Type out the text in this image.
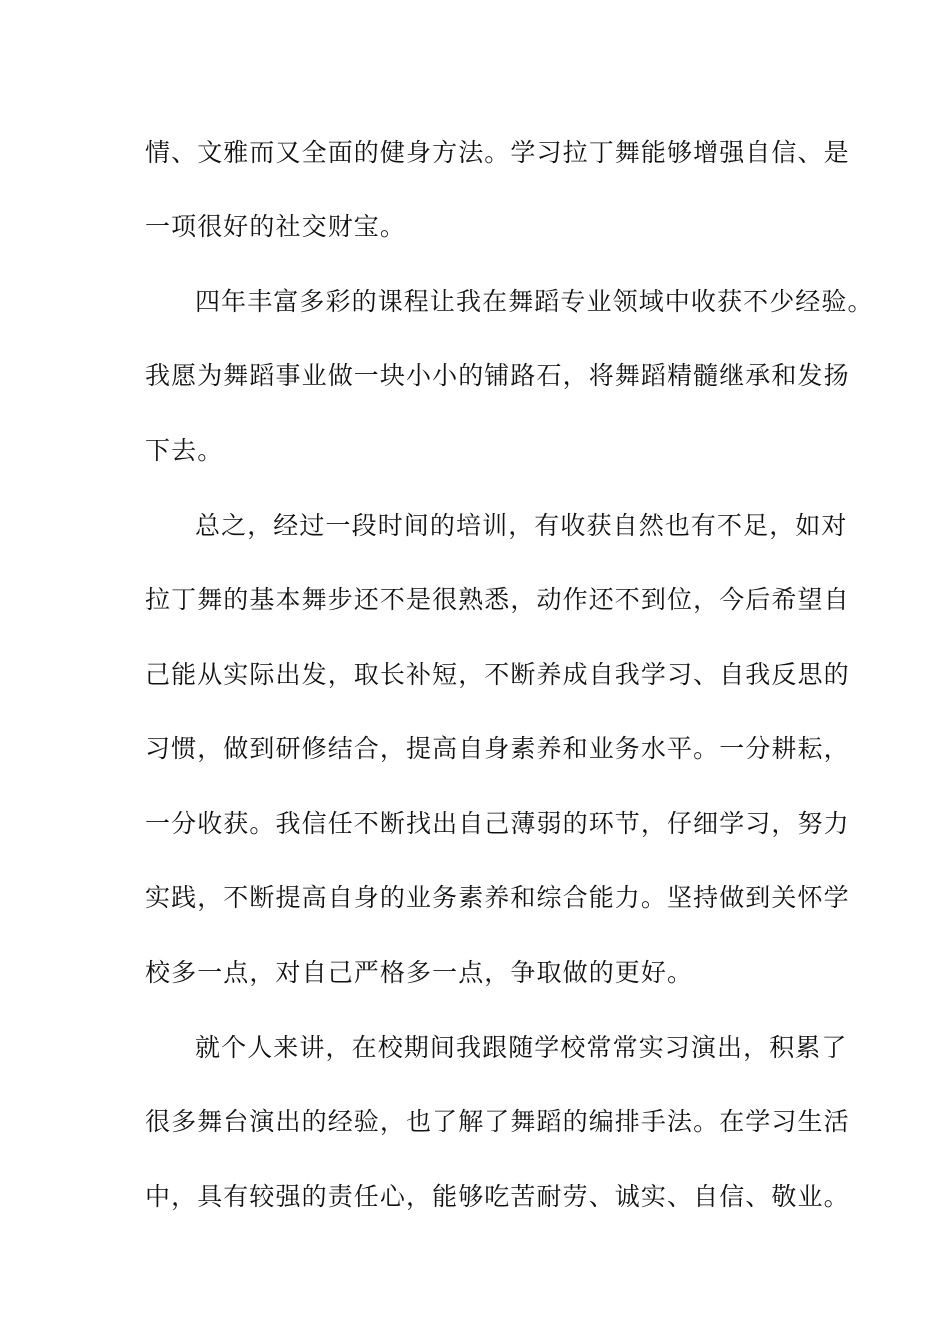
情、文雅而又全面的健身方法。学习拉丁舞能够增强自信、是
一项很好的社交财宝。
四年丰富多彩的课程让我在舞蹈专业领域中收获不少经验。
我愿为舞蹈事业做一块小小的铺路石，将舞蹈精髓继承和发扬
下去。
总之，经过一段时间的培训，有收获自然也有不足，如对
拉丁舞的基本舞步还不是很熟悉，动作还不到位，今后希望自
己能从实际出发，取长补短，不断养成自我学习、自我反思的
习惯，做到研修结合，提高自身素养和业务水平。一分耕耘，
一分收获。我信任不断找出自己薄弱的环节，仔细学习，努力
实践，不断提高自身的业务素养和综合能力。坚持做到关怀学
校多一点，对自己严格多一点，争取做的更好。
就个人来讲，在校期间我跟随学校常常实习演出，积累了
很多舞台演出的经验，也了解了舞蹈的编排手法。在学习生活
中，具有较强的责任心，能够吃苦耐劳、诚实、自信、敬业。
